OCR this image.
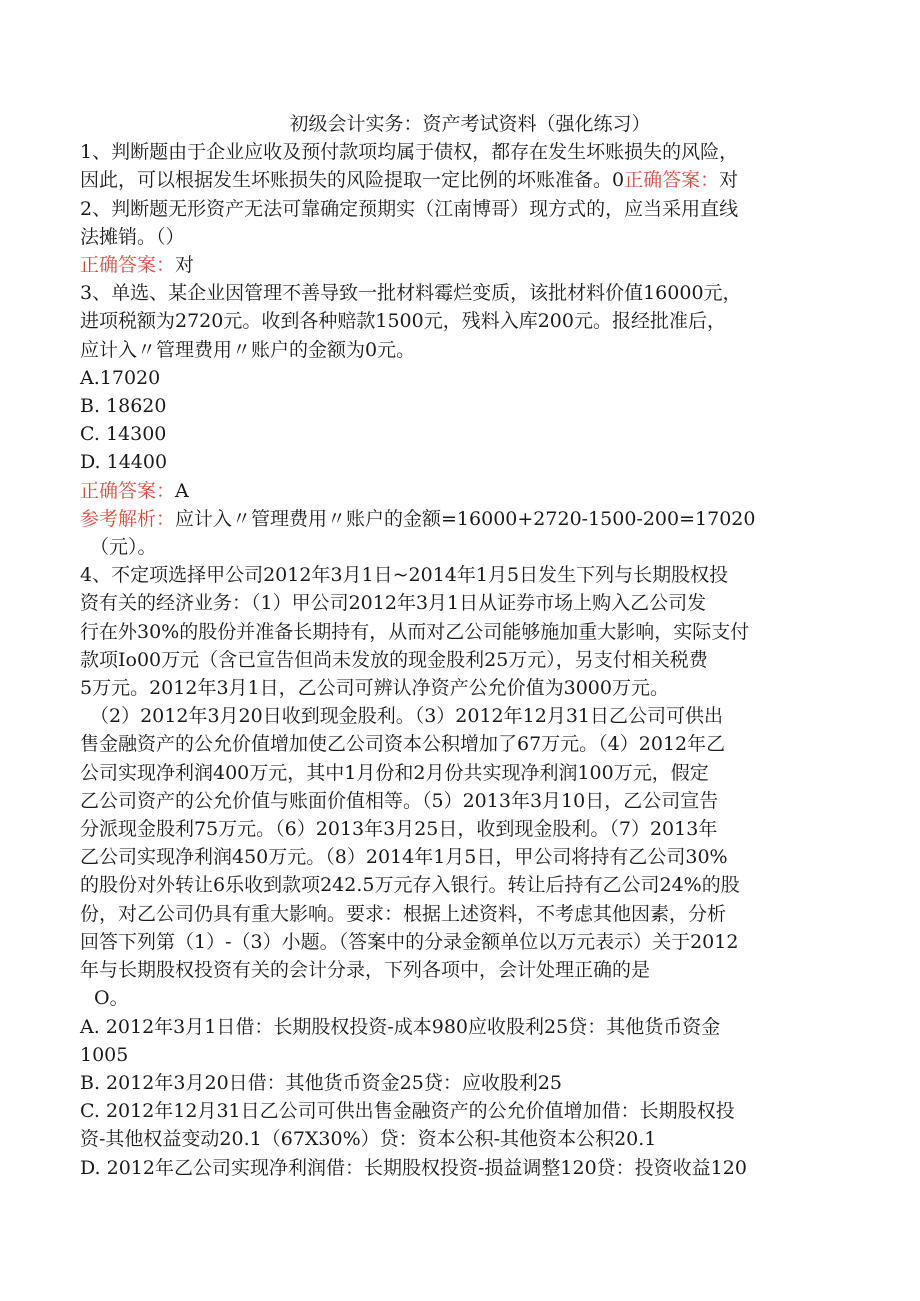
初级会计实务：资产考试资料（强化练习）

1、判断题由于企业应收及预付款项均属于债权，都存在发生坏账损失的风险，

因此，可以根据发生坏账损失的风险提取一定比例的坏账准备。0正确答案：对

2、判断题无形资产无法可靠确定预期实（江南博哥）现方式的，应当采用直线

法摊销。（）

正确答案：对

3、单选、某企业因管理不善导致一批材料霉烂变质，该批材料价值16000元，

进项税额为2720元。收到各种赔款1500元，残料入库200元。报经批准后，

应计入〃管理费用〃账户的金额为0元。

A.17020

B. 18620

C. 14300

D. 14400

正确答案：A

参考解析：应计入〃管理费用〃账户的金额=16000+2720-1500-200=17020

（元）。

4、不定项选择甲公司2012年3月1日~2014年1月5日发生下列与长期股权投

资有关的经济业务：（1）甲公司2012年3月1日从证券市场上购入乙公司发

行在外30%的股份并准备长期持有，从而对乙公司能够施加重大影响，实际支付

款项Io00万元（含已宣告但尚未发放的现金股利25万元），另支付相关税费

5万元。2012年3月1日，乙公司可辨认净资产公允价值为3000万元。

（2）2012年3月20日收到现金股利。（3）2012年12月31日乙公司可供出

售金融资产的公允价值增加使乙公司资本公积增加了67万元。（4）2012年乙

公司实现净利润400万元，其中1月份和2月份共实现净利润100万元，假定

乙公司资产的公允价值与账面价值相等。（5）2013年3月10日，乙公司宣告

分派现金股利75万元。（6）2013年3月25日，收到现金股利。（7）2013年

乙公司实现净利润450万元。（8）2014年1月5日，甲公司将持有乙公司30%

的股份对外转让6乐收到款项242.5万元存入银行。转让后持有乙公司24%的股

份，对乙公司仍具有重大影响。要求：根据上述资料，不考虑其他因素，分析

回答下列第（1）-（3）小题。（答案中的分录金额单位以万元表示）关于2012

年与长期股权投资有关的会计分录，下列各项中，会计处理正确的是

O。

A. 2012年3月1日借：长期股权投资-成本980应收股利25贷：其他货币资金

1005

B. 2012年3月20日借：其他货币资金25贷：应收股利25

C. 2012年12月31日乙公司可供出售金融资产的公允价值增加借：长期股权投

资-其他权益变动20.1（67X30%）贷：资本公积-其他资本公积20.1

D. 2012年乙公司实现净利润借：长期股权投资-损益调整120贷：投资收益120
